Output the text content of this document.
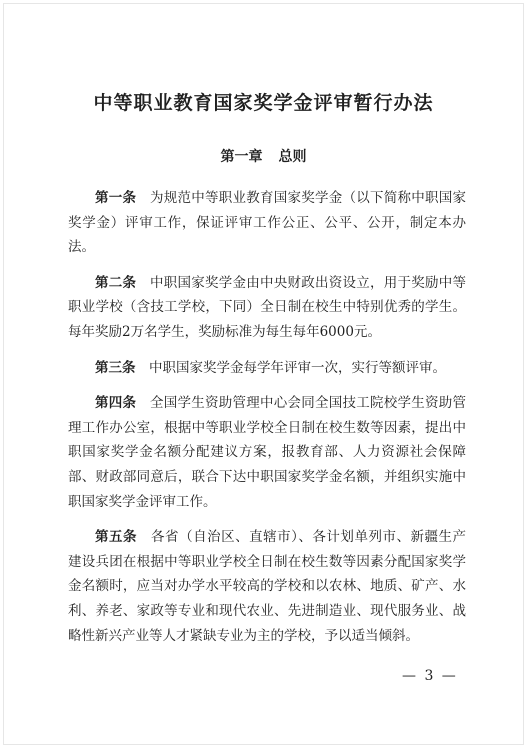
中等职业教育国家奖学金评审暂行办法
第一章 总则

第一条　 为规范中等职业教育国家奖学金（以下简称中职国家奖学金）评审工作，保证评审工作公正、公平、公开，制定本办法。

第二条　 中职国家奖学金由中央财政出资设立，用于奖励中等职业学校（含技工学校，下同）全日制在校生中特别优秀的学生。每年奖励2万名学生，奖励标准为每生每年6000元。

第三条　 中职国家奖学金每学年评审一次，实行等额评审。

第四条　 全国学生资助管理中心会同全国技工院校学生资助管理工作办公室，根据中等职业学校全日制在校生数等因素，提出中职国家奖学金名额分配建议方案，报教育部、人力资源社会保障部、财政部同意后，联合下达中职国家奖学金名额，并组织实施中职国家奖学金评审工作。

第五条　 各省（自治区、直辖市）、各计划单列市、新疆生产建设兵团在根据中等职业学校全日制在校生数等因素分配国家奖学金名额时，应当对办学水平较高的学校和以农林、地质、矿产、水利、养老、家政等专业和现代农业、先进制造业、现代服务业、战略性新兴产业等人才紧缺专业为主的学校，予以适当倾斜。

— 3 —
